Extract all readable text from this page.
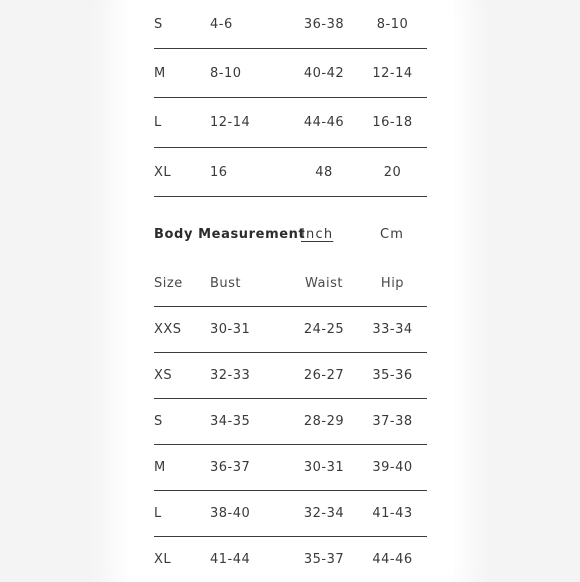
S	4-6	36-38	8-10
M	8-10	40-42	12-14
L	12-14	44-46	16-18
XL	16	48	20
Body Measurement
Inch	Cm
Size	Bust	Waist	Hip
XXS	30-31	24-25	33-34
XS	32-33	26-27	35-36
S	34-35	28-29	37-38
M	36-37	30-31	39-40
L	38-40	32-34	41-43
XL	41-44	35-37	44-46
